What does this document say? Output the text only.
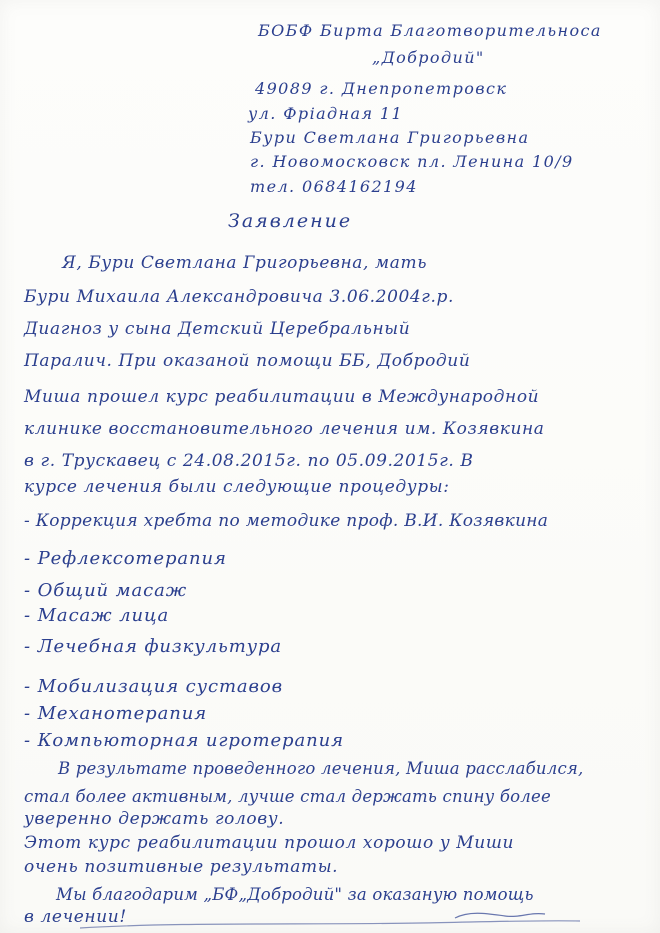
БОБФ Бирта Благотворительноса
„Добродий"
49089 г. Днепропетровск
ул. Фрiадная 11
Бури Светлана Григорьевна
г. Новомосковск пл. Ленина 10/9
тел. 0684162194
Заявление
Я, Бури Светлана Григорьевна, мать
Бури Михаила Александровича 3.06.2004г.р.
Диагноз у сына Детский Церебральный
Паралич. При оказаной помощи ББ, Добродий
Миша прошел курс реабилитации в Международной
клинике восстановительного лечения им. Козявкина
в г. Трускавец с 24.08.2015г. по 05.09.2015г. В
курсе лечения были следующие процедуры:
- Коррекция хребта по методике проф. В.И. Козявкина
- Рефлексотерапия
- Общий масаж
- Масаж лица
- Лечебная физкультура
- Мобилизация суставов
- Механотерапия
- Компьюторная игротерапия
В результате проведенного лечения, Миша расслабился,
стал более активным, лучше стал держать спину более
уверенно держать голову.
Этот курс реабилитации прошол хорошо у Миши
очень позитивные результаты.
Мы благодарим „БФ„Добродий" за оказаную помощь
в лечении!
